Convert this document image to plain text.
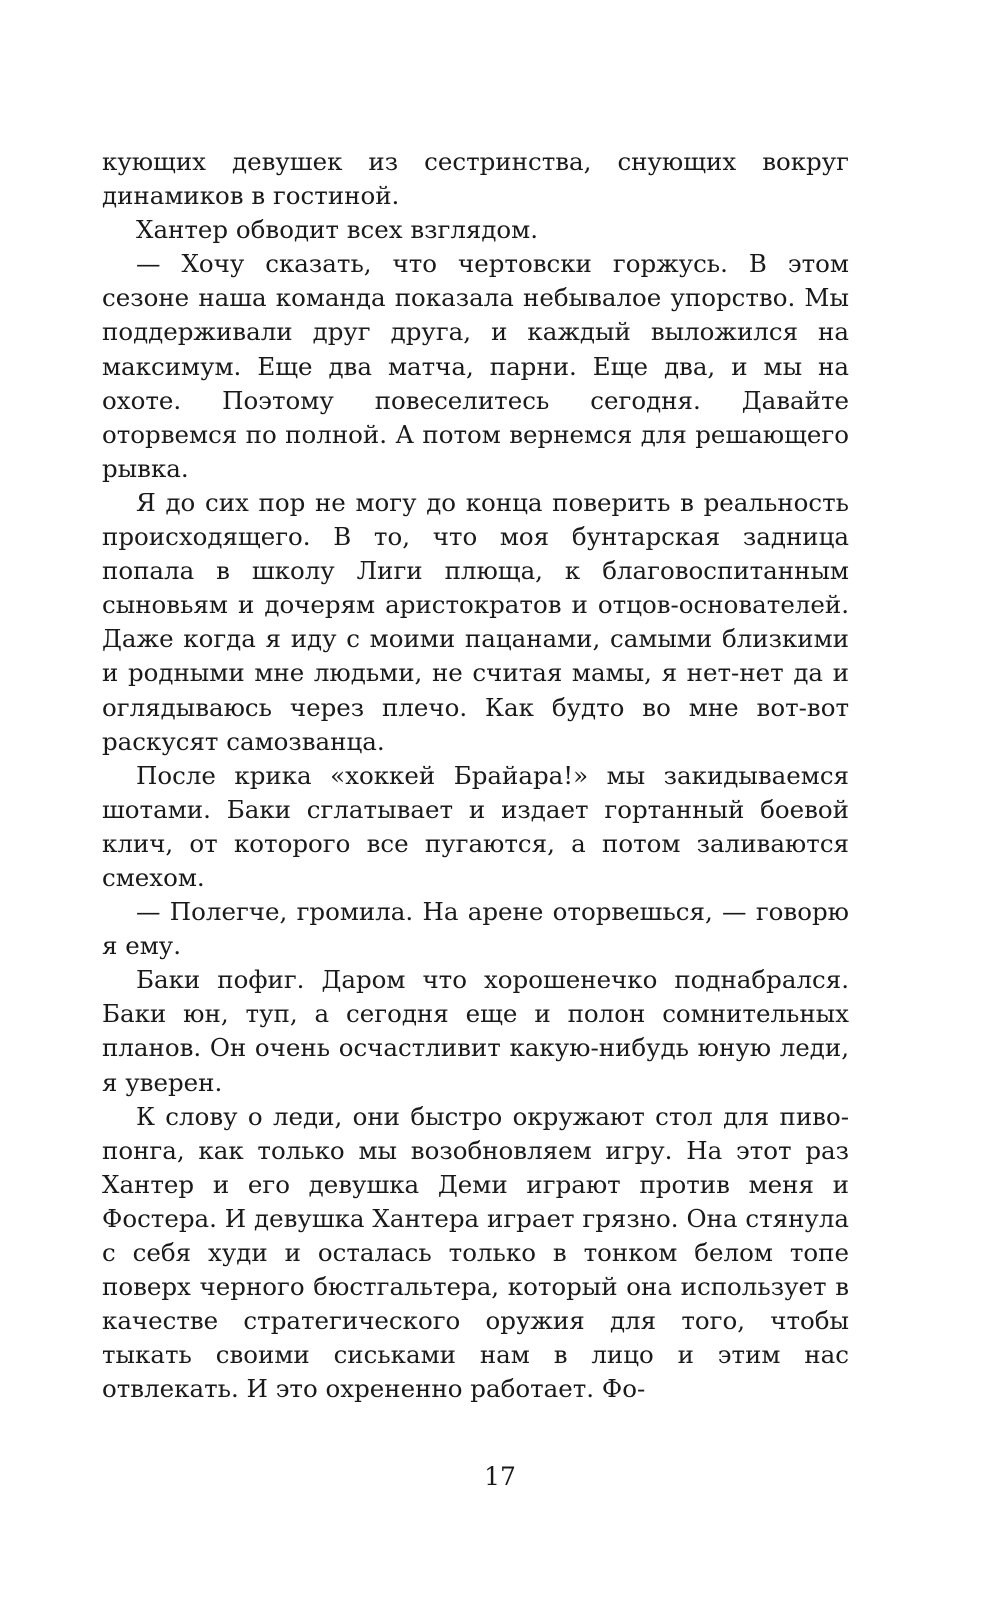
кующих девушек из сестринства, снующих вокруг динамиков в гостиной.

Хантер обводит всех взглядом.

— Хочу сказать, что чертовски горжусь. В этом сезоне наша команда показала небывалое упорство. Мы поддерживали друг друга, и каждый выложился на максимум. Еще два матча, парни. Еще два, и мы на охоте. Поэтому повеселитесь сегодня. Давайте оторвемся по полной. А потом вернемся для решающего рывка.

Я до сих пор не могу до конца поверить в реальность происходящего. В то, что моя бунтарская задница попала в школу Лиги плюща, к благовоспитанным сыновьям и дочерям аристократов и отцов-основателей. Даже когда я иду с моими пацанами, самыми близкими и родными мне людьми, не считая мамы, я нет-нет да и оглядываюсь через плечо. Как будто во мне вот-вот раскусят самозванца.

После крика «хоккей Брайара!» мы закидываемся шотами. Баки сглатывает и издает гортанный боевой клич, от которого все пугаются, а потом заливаются смехом.

— Полегче, громила. На арене оторвешься, — говорю я ему.

Баки пофиг. Даром что хорошенечко поднабрался. Баки юн, туп, а сегодня еще и полон сомнительных планов. Он очень осчастливит какую-нибудь юную леди, я уверен.

К слову о леди, они быстро окружают стол для пиво-понга, как только мы возобновляем игру. На этот раз Хантер и его девушка Деми играют против меня и Фостера. И девушка Хантера играет грязно. Она стянула с себя худи и осталась только в тонком белом топе поверх черного бюстгальтера, который она использует в качестве стратегического оружия для того, чтобы тыкать своими сиськами нам в лицо и этим нас отвлекать. И это охрененно работает. Фо-

17
